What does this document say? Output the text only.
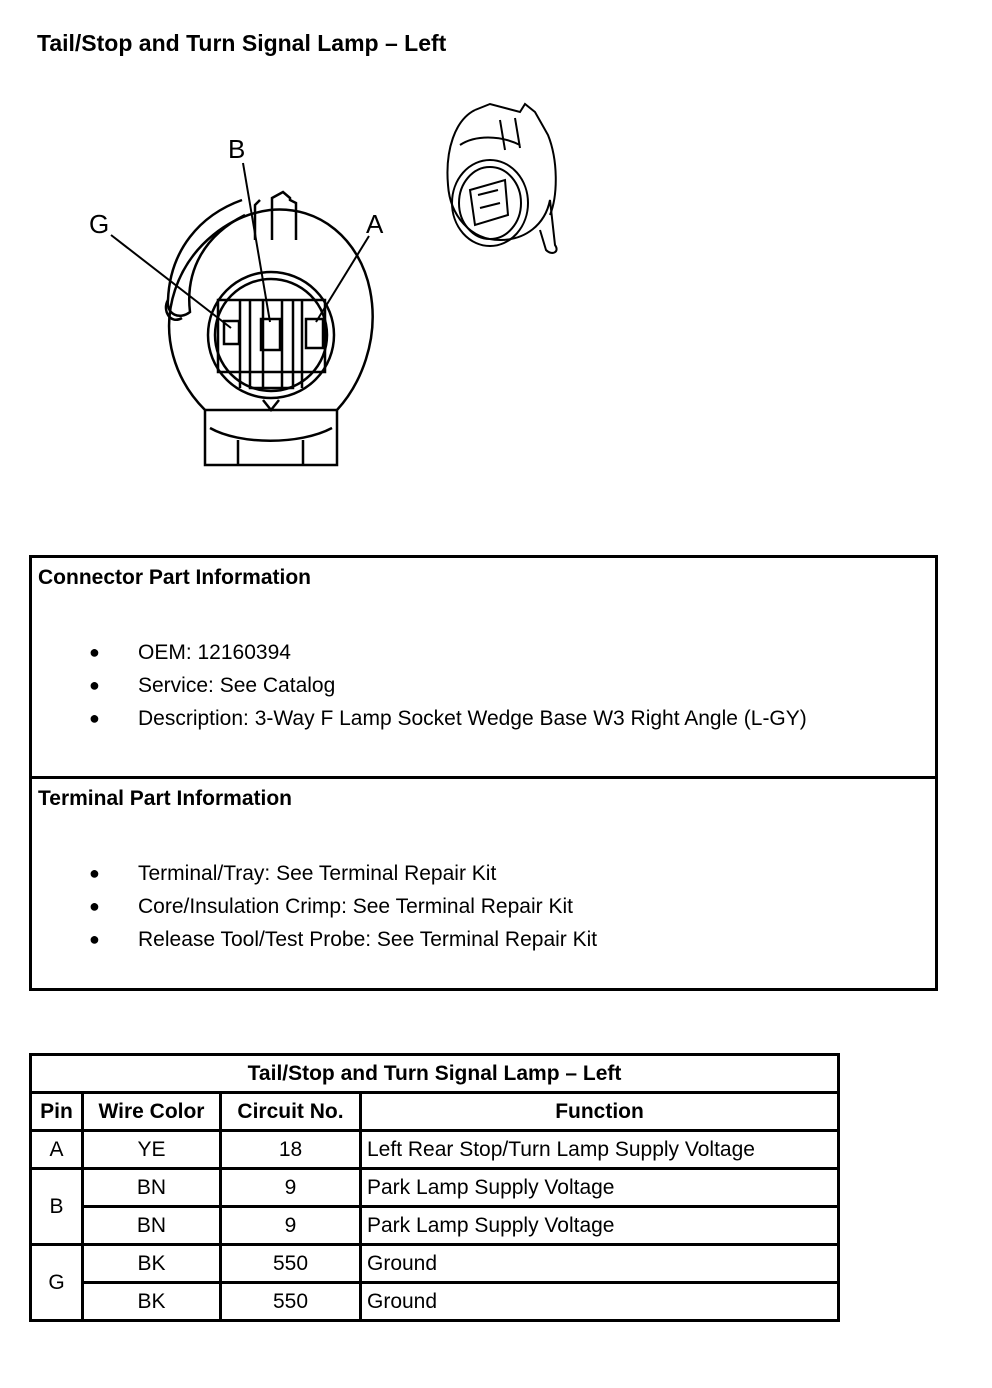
Tail/Stop and Turn Signal Lamp – Left
B
G	A
Connector Part Information
● OEM: 12160394
● Service: See Catalog
● Description: 3-Way F Lamp Socket Wedge Base W3 Right Angle (L-GY)
Terminal Part Information
● Terminal/Tray: See Terminal Repair Kit
● Core/Insulation Crimp: See Terminal Repair Kit
● Release Tool/Test Probe: See Terminal Repair Kit
Tail/Stop and Turn Signal Lamp – Left			
Pin	Wire Color	Circuit No.	Function
A	YE	18	Left Rear Stop/Turn Lamp Supply Voltage
B	BN	9	Park Lamp Supply Voltage
	BN	9	Park Lamp Supply Voltage
G	BK	550	Ground
	BK	550	Ground
